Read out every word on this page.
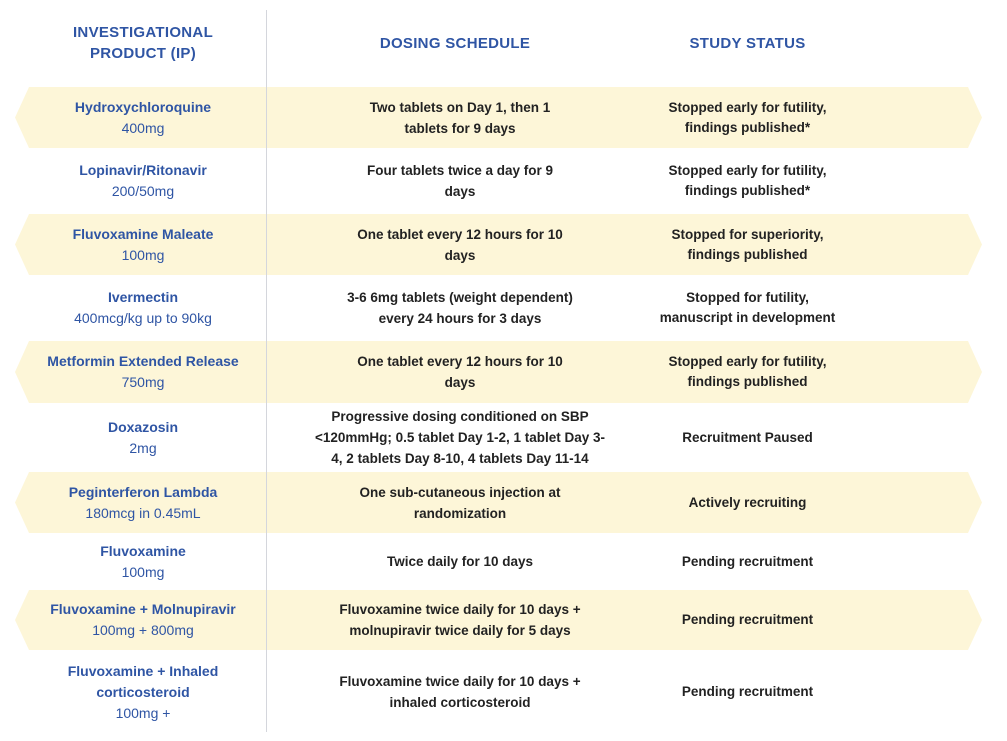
INVESTIGATIONAL PRODUCT (IP)
DOSING SCHEDULE	STUDY STATUS
Hydroxychloroquine
400mg
Two tablets on Day 1, then 1 tablets for 9 days
Stopped early for futility, findings published*
Lopinavir/Ritonavir
200/50mg
Four tablets twice a day for 9 days
Stopped early for futility, findings published*
Fluvoxamine Maleate
100mg
One tablet every 12 hours for 10 days
Stopped for superiority, findings published
Ivermectin
400mcg/kg up to 90kg
3-6 6mg tablets (weight dependent) every 24 hours for 3 days
Stopped for futility, manuscript in development
Metformin Extended Release
750mg
One tablet every 12 hours for 10 days
Stopped early for futility, findings published
Doxazosin
2mg
Progressive dosing conditioned on SBP <120mmHg; 0.5 tablet Day 1-2, 1 tablet Day 3-4, 2 tablets Day 8-10, 4 tablets Day 11-14
Recruitment Paused
Peginterferon Lambda
180mcg in 0.45mL
One sub-cutaneous injection at randomization
Actively recruiting
Fluvoxamine
100mg
Twice daily for 10 days	Pending recruitment
Fluvoxamine + Molnupiravir
100mg + 800mg
Fluvoxamine twice daily for 10 days + molnupiravir twice daily for 5 days
Pending recruitment
Fluvoxamine + Inhaled corticosteroid
100mg +
Fluvoxamine twice daily for 10 days + inhaled corticosteroid
Pending recruitment
